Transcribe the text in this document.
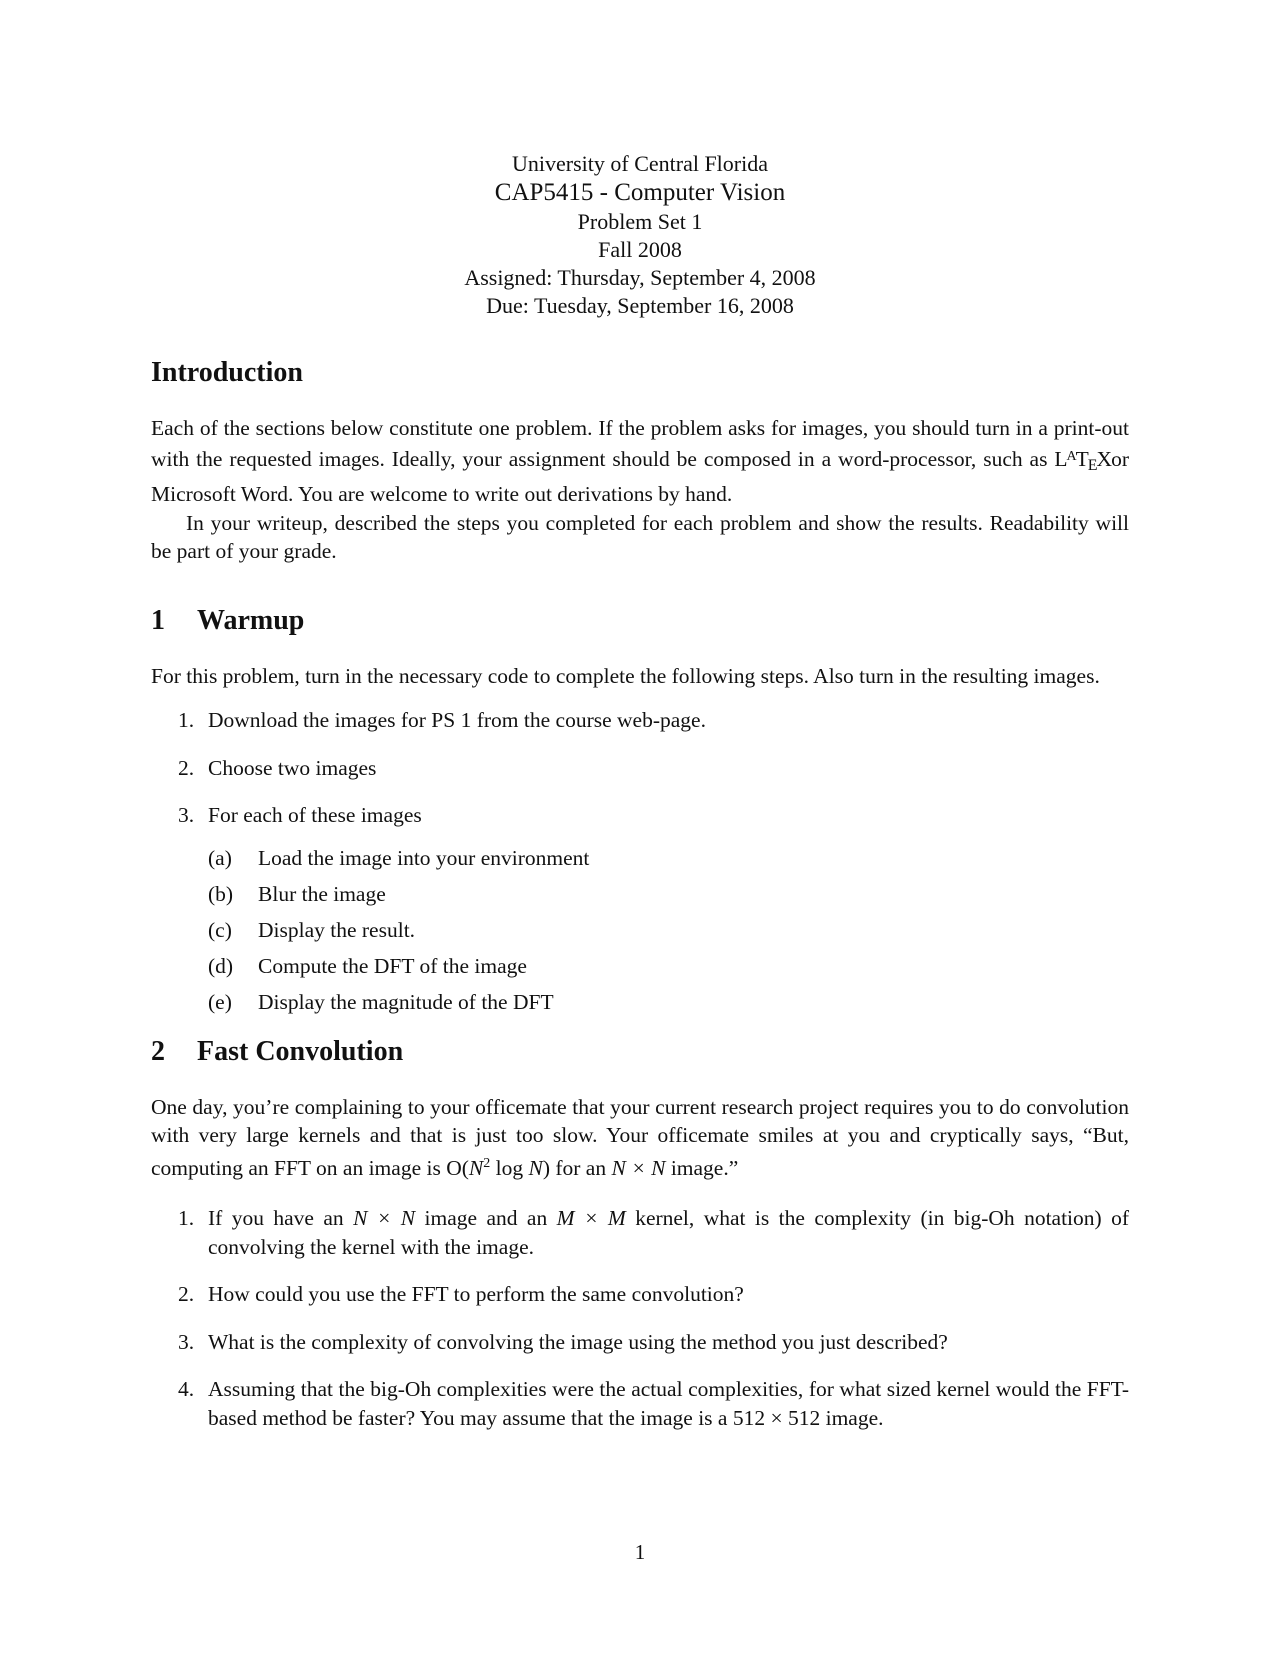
University of Central Florida
CAP5415 - Computer Vision
Problem Set 1
Fall 2008
Assigned: Thursday, September 4, 2008
Due: Tuesday, September 16, 2008
Introduction

Each of the sections below constitute one problem. If the problem asks for images, you should turn in a print-out with the requested images. Ideally, your assignment should be composed in a word-processor, such as $L^AT_EXor$ Microsoft Word. You are welcome to write out derivations by hand.

In your writeup, described the steps you completed for each problem and show the results. Readability will be part of your grade.

1 Warmup

For this problem, turn in the necessary code to complete the following steps. Also turn in the resulting images.

1. Download the images for PS 1 from the course web-page.
2. Choose two images
3. For each of these images
(a) Load the image into your environment
(b) Blur the image
(c) Display the result.
(d) Compute the DFT of the image
(e) Display the magnitude of the DFT
2 Fast Convolution

One day, you’re complaining to your officemate that your current research project requires you to do convolution with very large kernels and that is just too slow. Your officemate smiles at you and cryptically says, “But, computing an FFT on an image is $O(N^2$ log N) for an N × N image.”

1. If you have an N × N image and an M × M kernel, what is the complexity (in big-Oh notation) of convolving the kernel with the image.
2. How could you use the FFT to perform the same convolution?
3. What is the complexity of convolving the image using the method you just described?
4. Assuming that the big-Oh complexities were the actual complexities, for what sized kernel would the FFT-based method be faster? You may assume that the image is a 512 × 512 image.
1
